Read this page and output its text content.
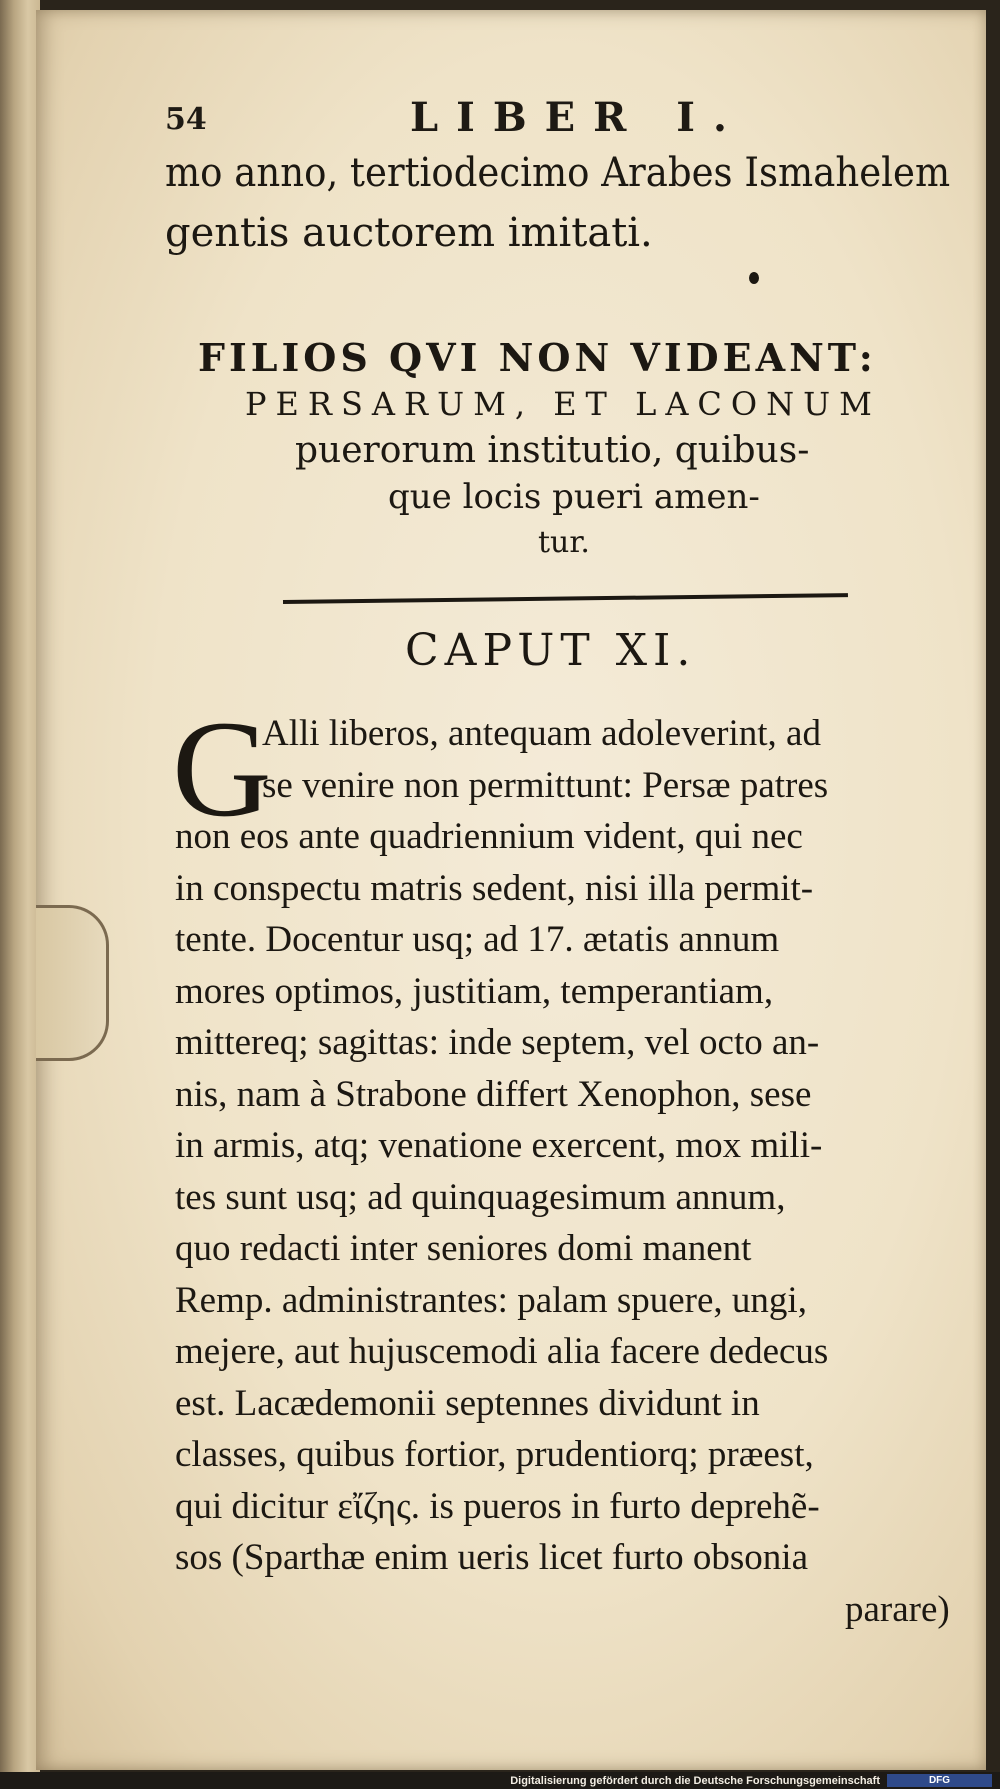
54	LIBER I.
mo anno, tertiodecimo Arabes Ismahelem
gentis auctorem imitati.
FILIOS QVI NON VIDEANT:
PERSARUM, ET LACONUM
puerorum institutio, quibus-
que locis pueri amen-
tur.
CAPUT XI.
G
Alli liberos, antequam adoleverint, ad
se venire non permittunt: Persæ patres
non eos ante quadriennium vident, qui nec
in conspectu matris sedent, nisi illa permit-
tente. Docentur usq; ad 17. ætatis annum
mores optimos, justitiam, temperantiam,
mittereq; sagittas: inde septem, vel octo an-
nis, nam à Strabone differt Xenophon, sese
in armis, atq; venatione exercent, mox mili-
tes sunt usq; ad quinquagesimum annum,
quo redacti inter seniores domi manent
Remp. administrantes: palam spuere, ungi,
mejere, aut hujuscemodi alia facere dedecus
est. Lacædemonii septennes dividunt in
classes, quibus fortior, prudentiorq; præest,
qui dicitur εἴζης. is pueros in furto deprehẽ-
sos (Sparthæ enim ueris licet furto obsonia
parare)
Digitalisierung gefördert durch die Deutsche Forschungsgemeinschaft	DFG
